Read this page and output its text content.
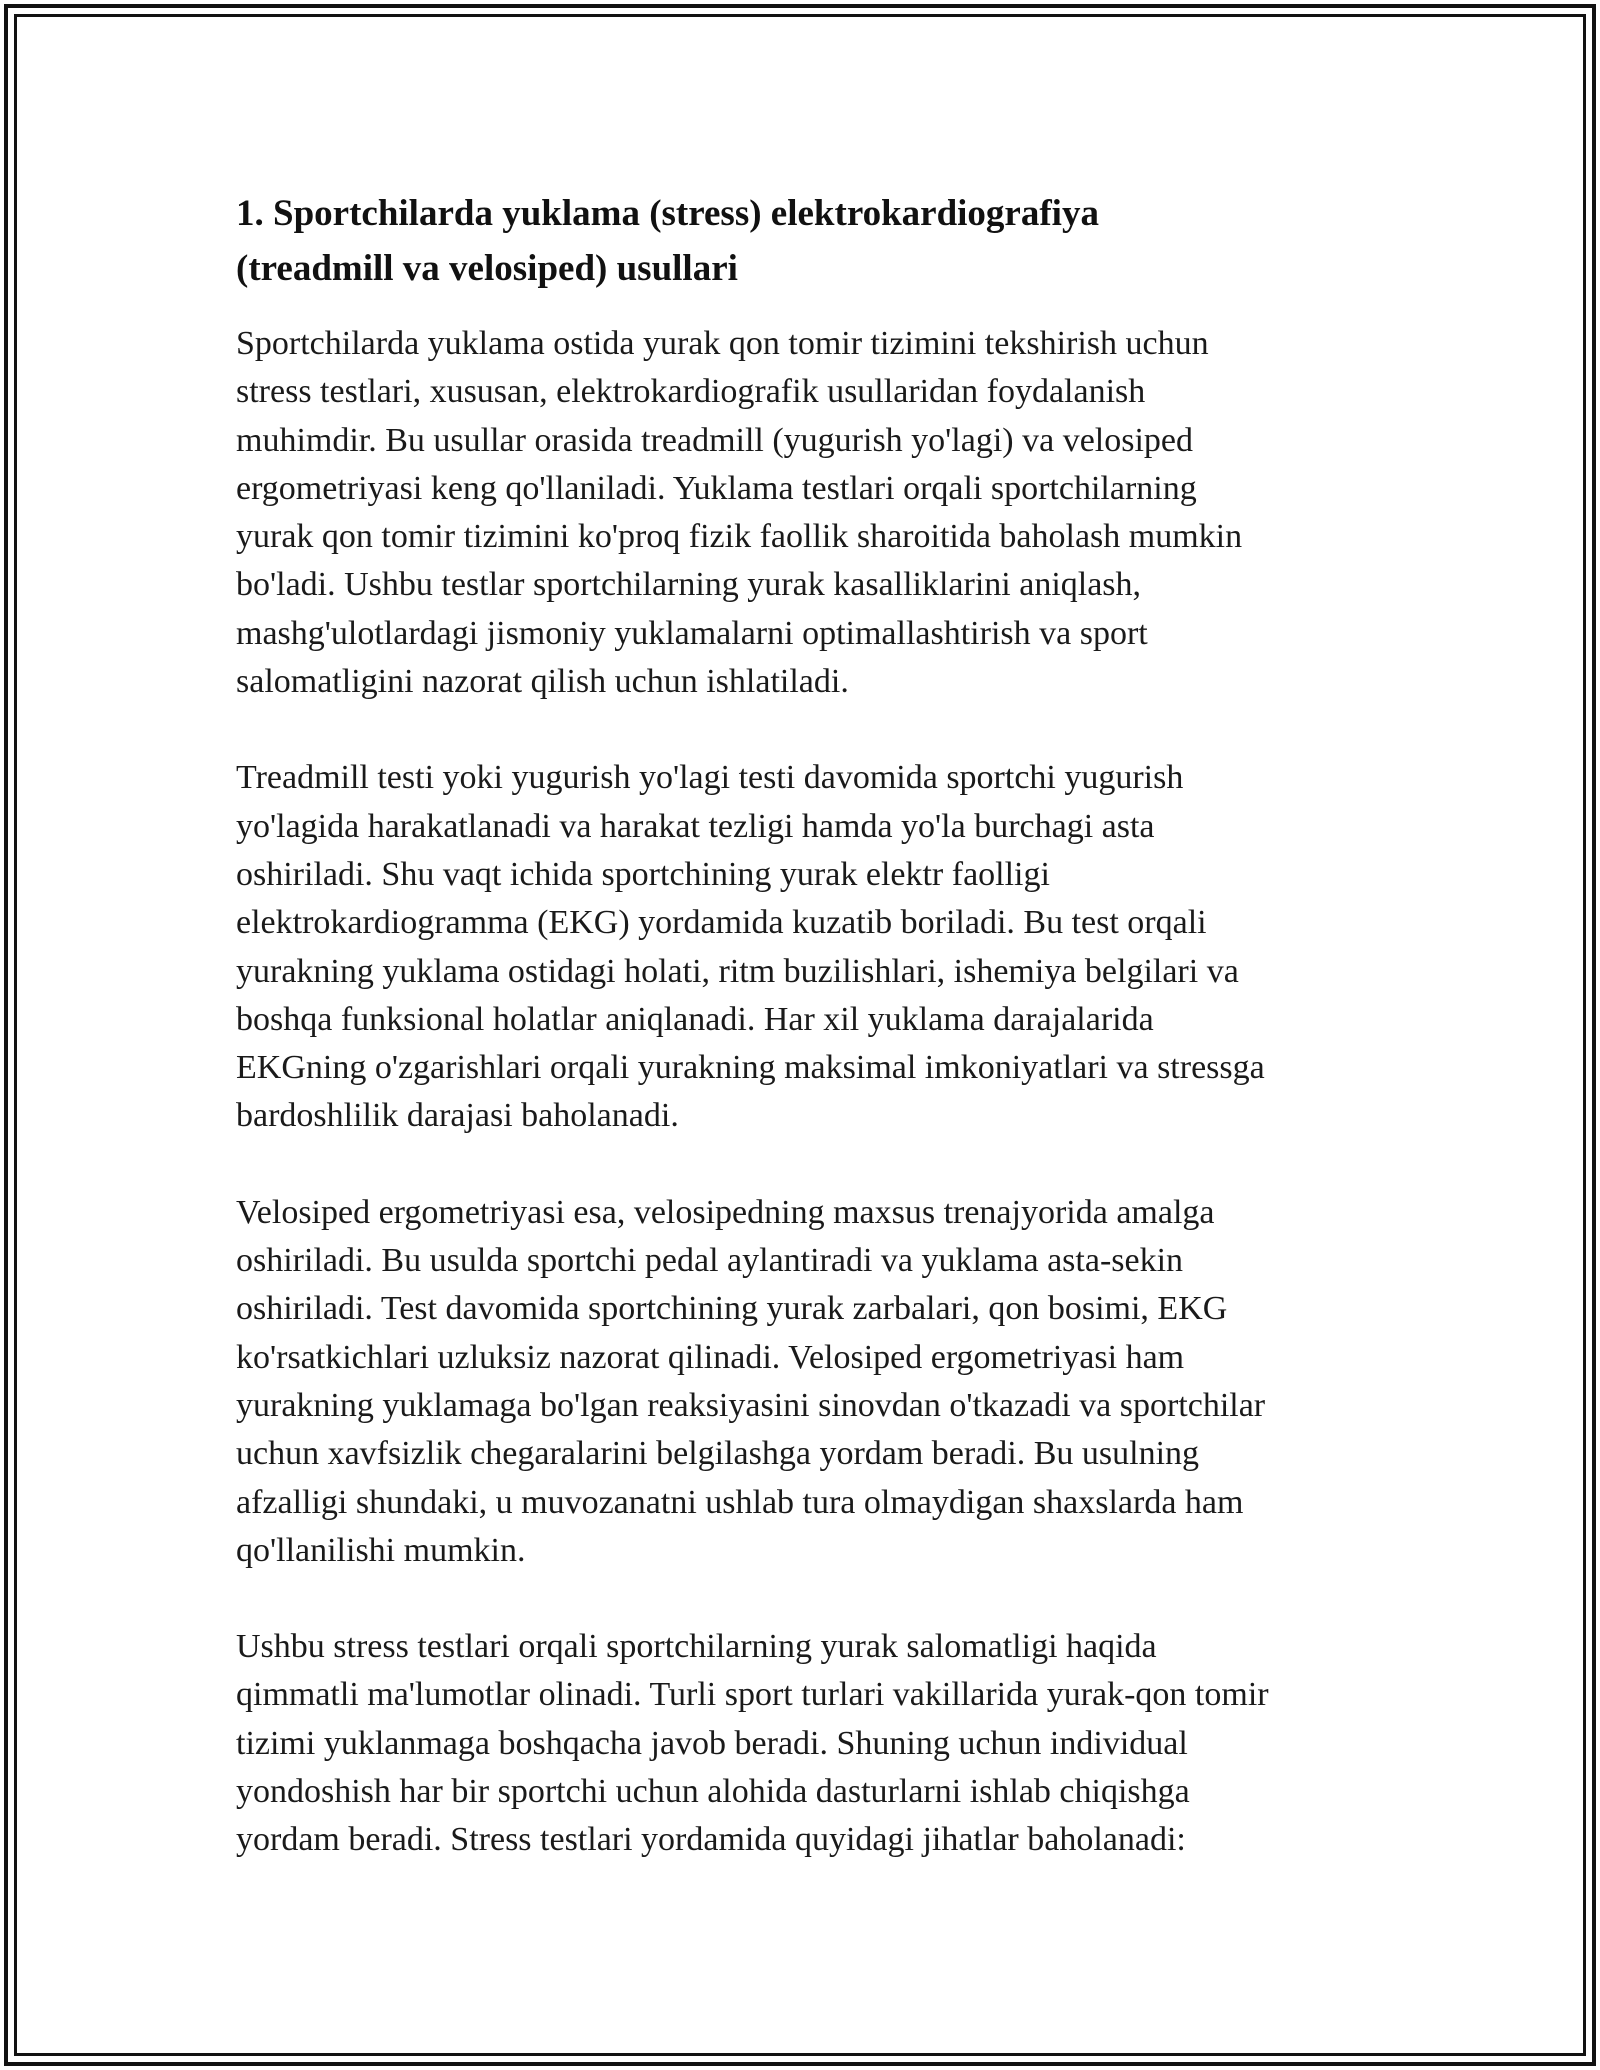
1. Sportchilarda yuklama (stress) elektrokardiografiya
(treadmill va velosiped) usullari

Sportchilarda yuklama ostida yurak qon tomir tizimini tekshirish uchun
stress testlari, xususan, elektrokardiografik usullaridan foydalanish
muhimdir. Bu usullar orasida treadmill (yugurish yo'lagi) va velosiped
ergometriyasi keng qo'llaniladi. Yuklama testlari orqali sportchilarning
yurak qon tomir tizimini ko'proq fizik faollik sharoitida baholash mumkin
bo'ladi. Ushbu testlar sportchilarning yurak kasalliklarini aniqlash,
mashg'ulotlardagi jismoniy yuklamalarni optimallashtirish va sport
salomatligini nazorat qilish uchun ishlatiladi.

Treadmill testi yoki yugurish yo'lagi testi davomida sportchi yugurish
yo'lagida harakatlanadi va harakat tezligi hamda yo'la burchagi asta
oshiriladi. Shu vaqt ichida sportchining yurak elektr faolligi
elektrokardiogramma (EKG) yordamida kuzatib boriladi. Bu test orqali
yurakning yuklama ostidagi holati, ritm buzilishlari, ishemiya belgilari va
boshqa funksional holatlar aniqlanadi. Har xil yuklama darajalarida
EKGning o'zgarishlari orqali yurakning maksimal imkoniyatlari va stressga
bardoshlilik darajasi baholanadi.

Velosiped ergometriyasi esa, velosipedning maxsus trenajyorida amalga
oshiriladi. Bu usulda sportchi pedal aylantiradi va yuklama asta-sekin
oshiriladi. Test davomida sportchining yurak zarbalari, qon bosimi, EKG
ko'rsatkichlari uzluksiz nazorat qilinadi. Velosiped ergometriyasi ham
yurakning yuklamaga bo'lgan reaksiyasini sinovdan o'tkazadi va sportchilar
uchun xavfsizlik chegaralarini belgilashga yordam beradi. Bu usulning
afzalligi shundaki, u muvozanatni ushlab tura olmaydigan shaxslarda ham
qo'llanilishi mumkin.

Ushbu stress testlari orqali sportchilarning yurak salomatligi haqida
qimmatli ma'lumotlar olinadi. Turli sport turlari vakillarida yurak-qon tomir
tizimi yuklanmaga boshqacha javob beradi. Shuning uchun individual
yondoshish har bir sportchi uchun alohida dasturlarni ishlab chiqishga
yordam beradi. Stress testlari yordamida quyidagi jihatlar baholanadi:
